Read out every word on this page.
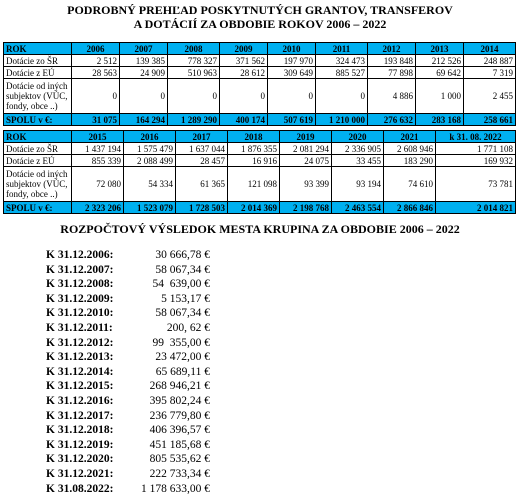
PODROBNÝ PREHĽAD POSKYTNUTÝCH GRANTOV, TRANSFEROV
A DOTÁCIÍ ZA OBDOBIE ROKOV 2006 – 2022
ROK	2006	2007	2008	2009	2010	2011	2012	2013	2014
Dotácie zo ŠR	2 512	139 385	778 327	371 562	197 970	324 473	193 848	212 526	248 887
Dotácie z EÚ	28 563	24 909	510 963	28 612	309 649	885 527	77 898	69 642	7 319
Dotácie od iných subjektov (VÚC, fondy, obce ..)	0	0	0	0	0	0	4 886	1 000	2 455
SPOLU v €:	31 075	164 294	1 289 290	400 174	507 619	1 210 000	276 632	283 168	258 661
ROK	2015	2016	2017	2018	2019	2020	2021	k 31. 08. 2022
Dotácie zo ŠR	1 437 194	1 575 479	1 637 044	1 876 355	2 081 294	2 336 905	2 608 946	1 771 108
Dotácie z EÚ	855 339	2 088 499	28 457	16 916	24 075	33 455	183 290	169 932
Dotácie od iných subjektov (VÚC, fondy, obce ..)	72 080	54 334	61 365	121 098	93 399	93 194	74 610	73 781
SPOLU v €:	2 323 206	1 523 079	1 728 503	2 014 369	2 198 768	2 463 554	2 866 846	2 014 821
ROZPOČTOVÝ VÝSLEDOK MESTA KRUPINA ZA OBDOBIE 2006 – 2022
K 31.12.2006:	30 666,78 €
K 31.12.2007:	58 067,34 €
K 31.12.2008:	54  639,00 €
K 31.12.2009:	5 153,17 €
K 31.12.2010:	58 067,34 €
K 31.12.2011:	200, 62 €
K 31.12.2012:	99  355,00 €
K 31.12.2013:	23 472,00 €
K 31.12.2014:	65 689,11 €
K 31.12.2015:	268 946,21 €
K 31.12.2016:	395 802,24 €
K 31.12.2017:	236 779,80 €
K 31.12.2018:	406 396,57 €
K 31.12.2019:	451 185,68 €
K 31.12.2020:	805 535,62 €
K 31.12.2021:	222 733,34 €
K 31.08.2022:	1 178 633,00 €
